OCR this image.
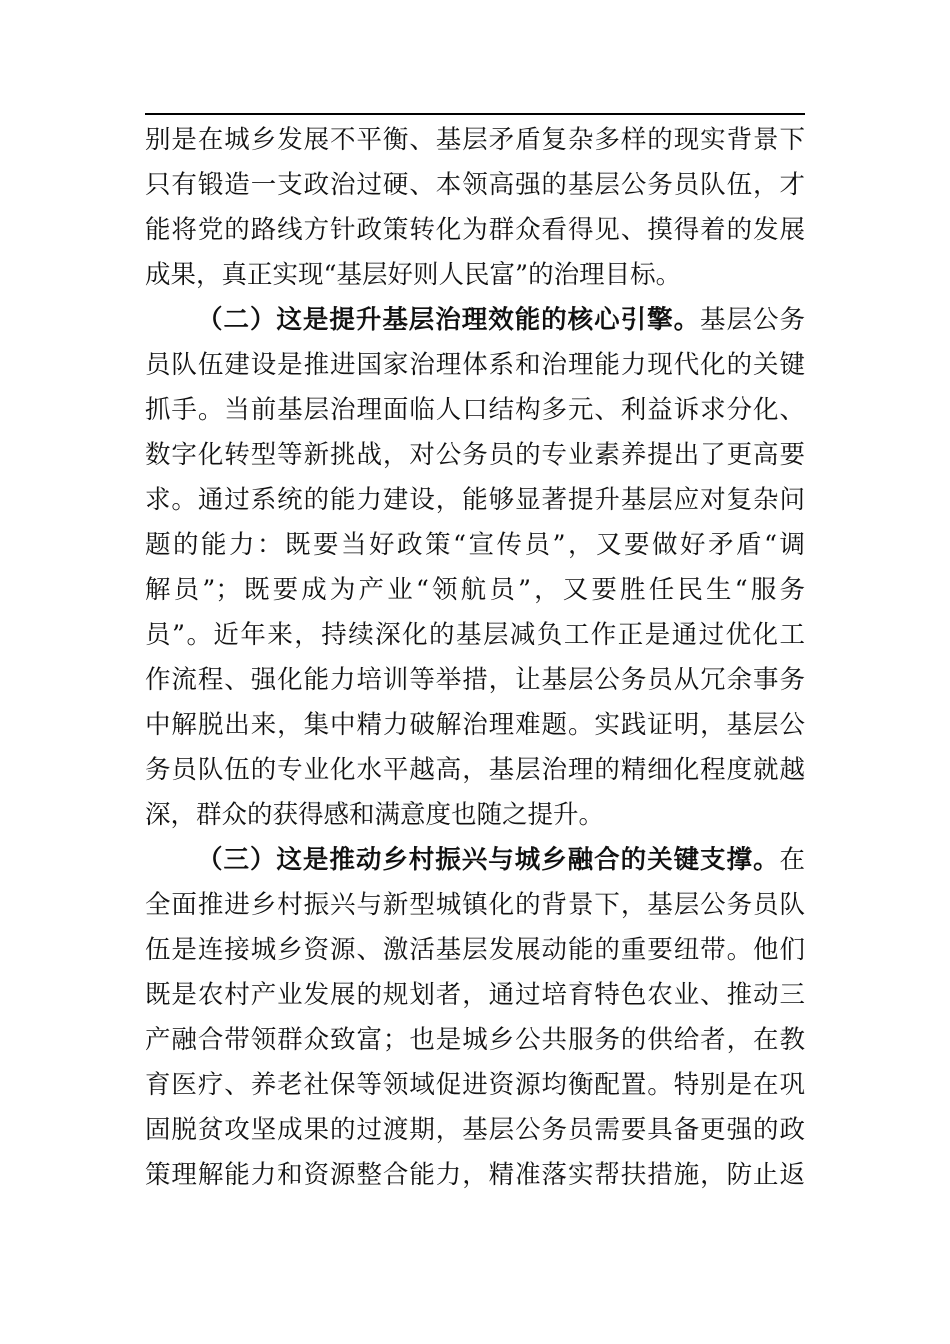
别是在城乡发展不平衡、基层矛盾复杂多样的现实背景下
只有锻造一支政治过硬、本领高强的基层公务员队伍，才
能将党的路线方针政策转化为群众看得见、摸得着的发展
成果，真正实现“基层好则人民富”的治理目标。
（二）这是提升基层治理效能的核心引擎。基层公务
员队伍建设是推进国家治理体系和治理能力现代化的关键
抓手。当前基层治理面临人口结构多元、利益诉求分化、
数字化转型等新挑战，对公务员的专业素养提出了更高要
求。通过系统的能力建设，能够显著提升基层应对复杂问
题的能力：既要当好政策“宣传员”，又要做好矛盾“调
解员”；既要成为产业“领航员”，又要胜任民生“服务
员”。近年来，持续深化的基层减负工作正是通过优化工
作流程、强化能力培训等举措，让基层公务员从冗余事务
中解脱出来，集中精力破解治理难题。实践证明，基层公
务员队伍的专业化水平越高，基层治理的精细化程度就越
深，群众的获得感和满意度也随之提升。
（三）这是推动乡村振兴与城乡融合的关键支撑。在
全面推进乡村振兴与新型城镇化的背景下，基层公务员队
伍是连接城乡资源、激活基层发展动能的重要纽带。他们
既是农村产业发展的规划者，通过培育特色农业、推动三
产融合带领群众致富；也是城乡公共服务的供给者，在教
育医疗、养老社保等领域促进资源均衡配置。特别是在巩
固脱贫攻坚成果的过渡期，基层公务员需要具备更强的政
策理解能力和资源整合能力，精准落实帮扶措施，防止返
